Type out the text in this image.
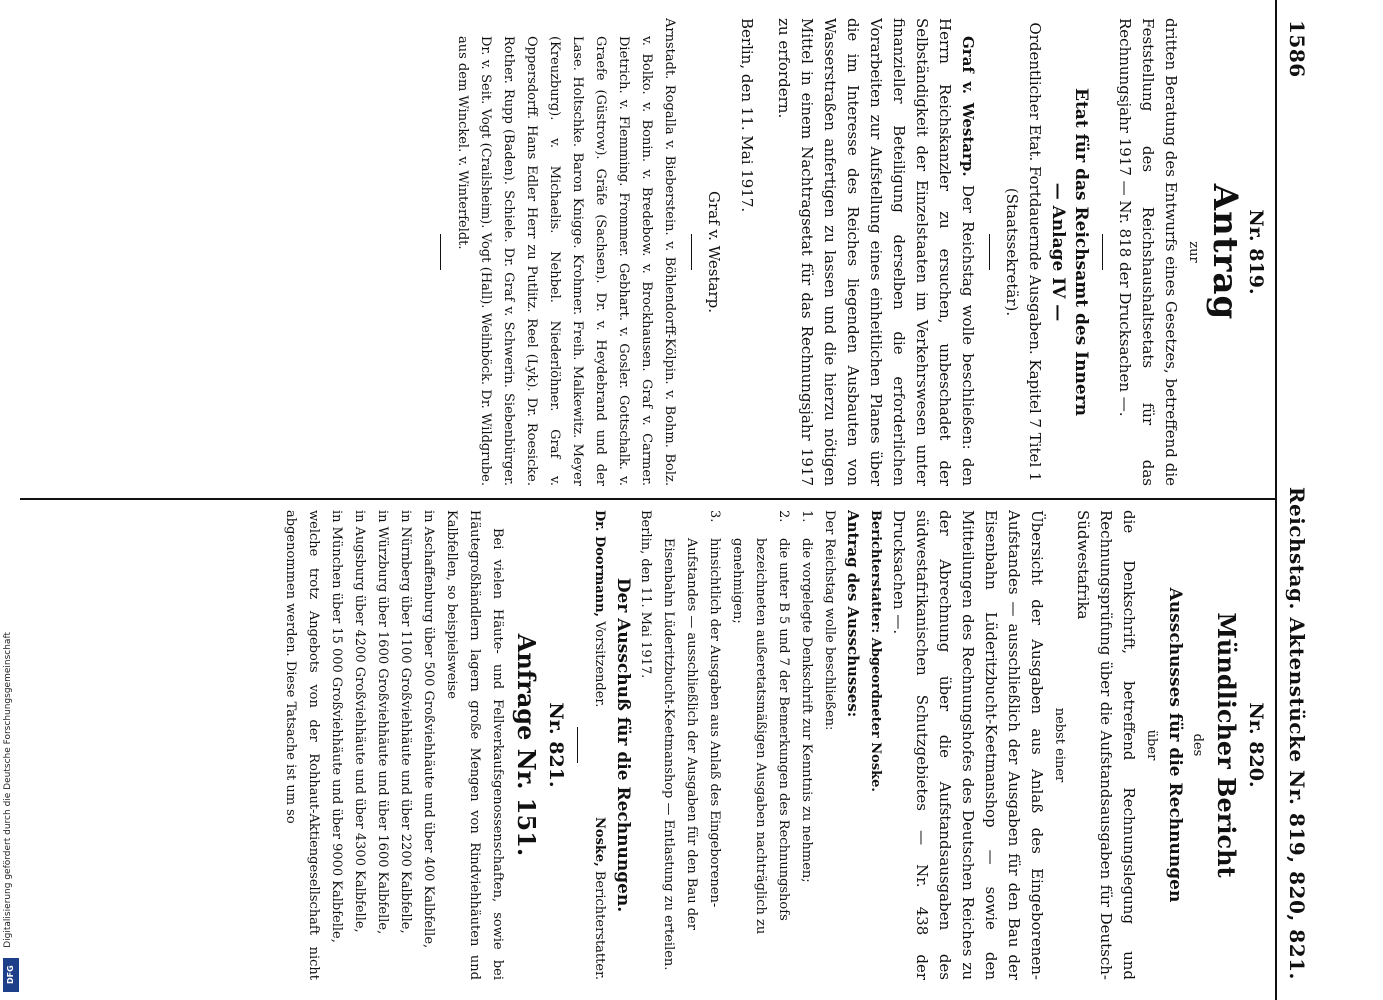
1586
Reichstag. Aktenstücke Nr. 819, 820, 821.
Nr. 819.
Antrag
zur

dritten Beratung des Entwurfs eines Gesetzes, betreffend die Feststellung des Reichshaushaltsetats für das Rechnungsjahr 1917 — Nr. 818 der Drucksachen —.

Etat für das Reichsamt des Innern
— Anlage IV —
Ordentlicher Etat. Fortdauernde Ausgaben. Kapitel 7 Titel 1 (Staatssekretär).

Graf v. Westarp. Der Reichstag wolle beschließen: den Herrn Reichskanzler zu ersuchen, unbeschadet der Selbständigkeit der Einzelstaaten im Verkehrswesen unter finanzieller Beteiligung derselben die erforderlichen Vorarbeiten zur Aufstellung eines einheitlichen Planes über die im Interesse des Reiches liegenden Ausbauten von Wasserstraßen anfertigen zu lassen und die hierzu nötigen Mittel in einem Nachtragsetat für das Rechnungsjahr 1917 zu erfordern.

Berlin, den 11. Mai 1917.
Graf v. Westarp.

Arnstadt. Rogalla v. Bieberstein. v. Böhlendorff-Kölpin. v. Bohm. Bolz. v. Bolko. v. Bonin. v. Bredebow. v. Brockhausen. Graf v. Carmer. Dietrich. v. Flemming. Frommer. Gebhart. v. Gosler. Gottschalk. v. Graefe (Güstrow). Gräfe (Sachsen). Dr. v. Heydebrand und der Lase. Holtschke. Baron Knigge. Krohmer. Freih. Malkewitz. Meyer (Kreuzburg). v. Michaelis. Nehbel. Niederlöhner. Graf v. Oppersdorff. Hans Edler Herr zu Putlitz. Reel (Lyk). Dr. Roesicke. Rother. Rupp (Baden). Schiele. Dr. Graf v. Schwerin. Siebenbürger. Dr. v. Seit. Vogt (Crailsheim). Vogt (Hall). Weilnböck. Dr. Wildgrube. aus dem Winckel. v. Winterfeldt.

Nr. 820.
Mündlicher Bericht
des
Ausschusses für die Rechnungen
über

die Denkschrift, betreffend Rechnungslegung und Rechnungsprüfung über die Aufstandsausgaben für Deutsch-Südwestafrika

nebst einer

Übersicht der Ausgaben aus Anlaß des Eingeborenen-Aufstandes — ausschließlich der Ausgaben für den Bau der Eisenbahn Lüderitzbucht-Keetmanshop — sowie den Mitteilungen des Rechnungshofes des Deutschen Reiches zu der Abrechnung über die Aufstandsausgaben des südwestafrikanischen Schutzgebietes — Nr. 438 der Drucksachen —.

Berichterstatter: Abgeordneter Noske.
Antrag des Ausschusses:
Der Reichstag wolle beschließen:
1.
die vorgelegte Denkschrift zur Kenntnis zu nehmen;
2.
die unter B 5 und 7 der Bemerkungen des Rechnungshofs bezeichneten außeretatsmäßigen Ausgaben nachträglich zu genehmigen;
3.
hinsichtlich der Ausgaben aus Anlaß des Eingeborenen-Aufstandes — ausschließlich der Ausgaben für den Bau der Eisenbahn Lüderitzbucht-Keetmanshop — Entlastung zu erteilen.
Berlin, den 11. Mai 1917.
Der Ausschuß für die Rechnungen.
Dr. Doormann, Vorsitzender.
Noske, Berichterstatter.
Nr. 821.
Anfrage Nr. 151.

Bei vielen Häute- und Fellverkaufsgenossenschaften, sowie bei Häutegroßhändlern lagern große Mengen von Rindviehhäuten und Kalbfellen, so beispielsweise

in Aschaffenburg über 500 Großviehhäute und über 400 Kalbfelle,
in Nürnberg über 1100 Großviehhäute und über 2200 Kalbfelle,
in Würzburg über 1600 Großviehhäute und über 1600 Kalbfelle,
in Augsburg über 4200 Großviehhäute und über 4300 Kalbfelle,
in München über 15 000 Großviehhäute und über 9000 Kalbfelle,

welche trotz Angebots von der Rohhaut-Aktiengesellschaft nicht abgenommen werden. Diese Tatsache ist um so

Digitalisierung gefördert durch die Deutsche Forschungsgemeinschaft
DFG
